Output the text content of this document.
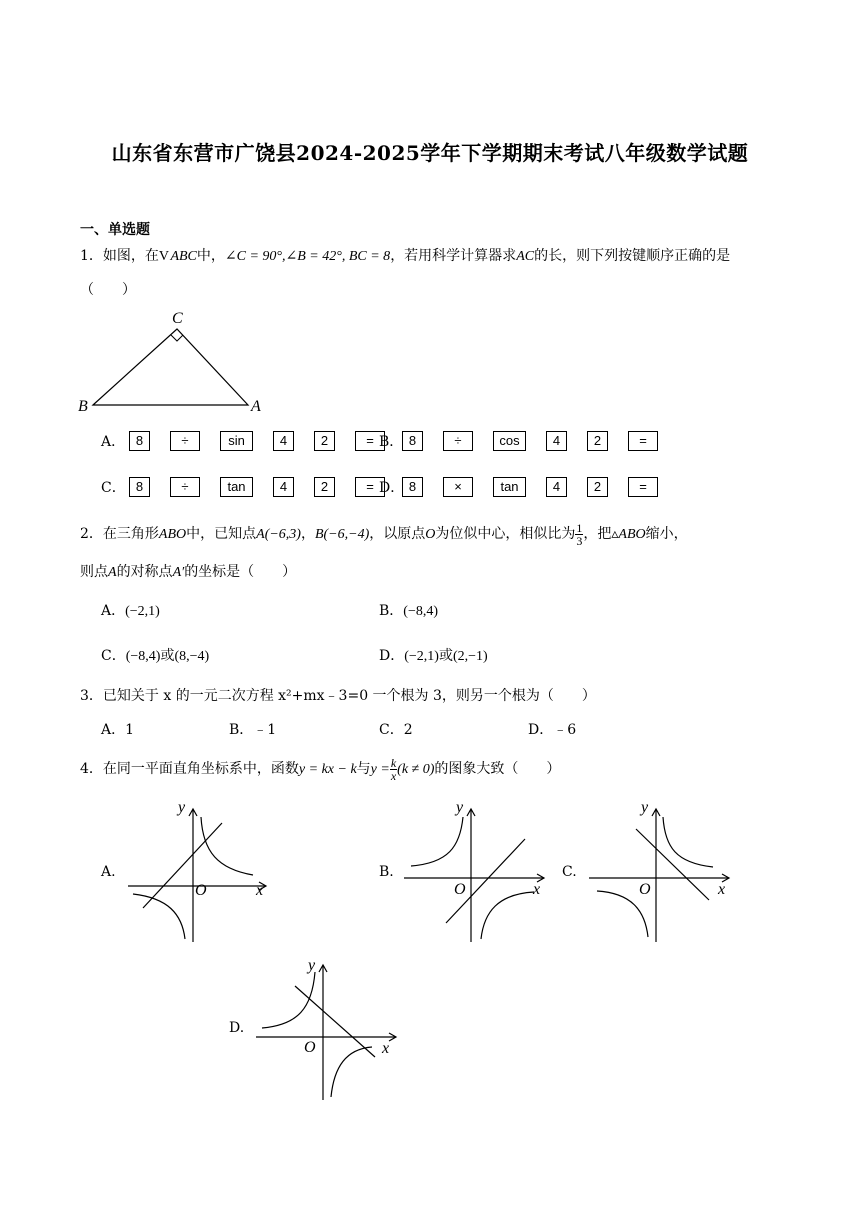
山东省东营市广饶县2024-2025学年下学期期末考试八年级数学试题
一、单选题
1．如图，在V ABC中，∠C = 90°,∠B = 42°, BC = 8，若用科学计算器求AC的长，则下列按键顺序正确的是
（　　）
C
B	A
A． 8	÷	sin	4	2	= B． 8	÷	cos	4	2	=
C． 8	÷	tan	4	2	= D． 8	×	tan	4	2	=
2．在三角形ABO中，已知点A(−6,3)，B(−6,−4)，以原点O为位似中心，相似比为 $\frac{1}{3}$ ，把▵ABO缩小，
则点A的对称点A′的坐标是（　　）
A．(−2,1)	B．(−8,4)
C．(−8,4)或(8,−4)	D．(−2,1)或(2,−1)
3．已知关于 x 的一元二次方程 x²+mx﹣3=0 一个根为 3，则另一个根为（　　）
A．1	B．﹣1	C．2	D．﹣6
4．在同一平面直角坐标系中，函数y = kx − k与$y = \frac{k}{x} (k \ne 0)$的图象大致（　　）
A.
y
O	x
B.
y
O	x
C.
y
O	x
D.
y
O	x
